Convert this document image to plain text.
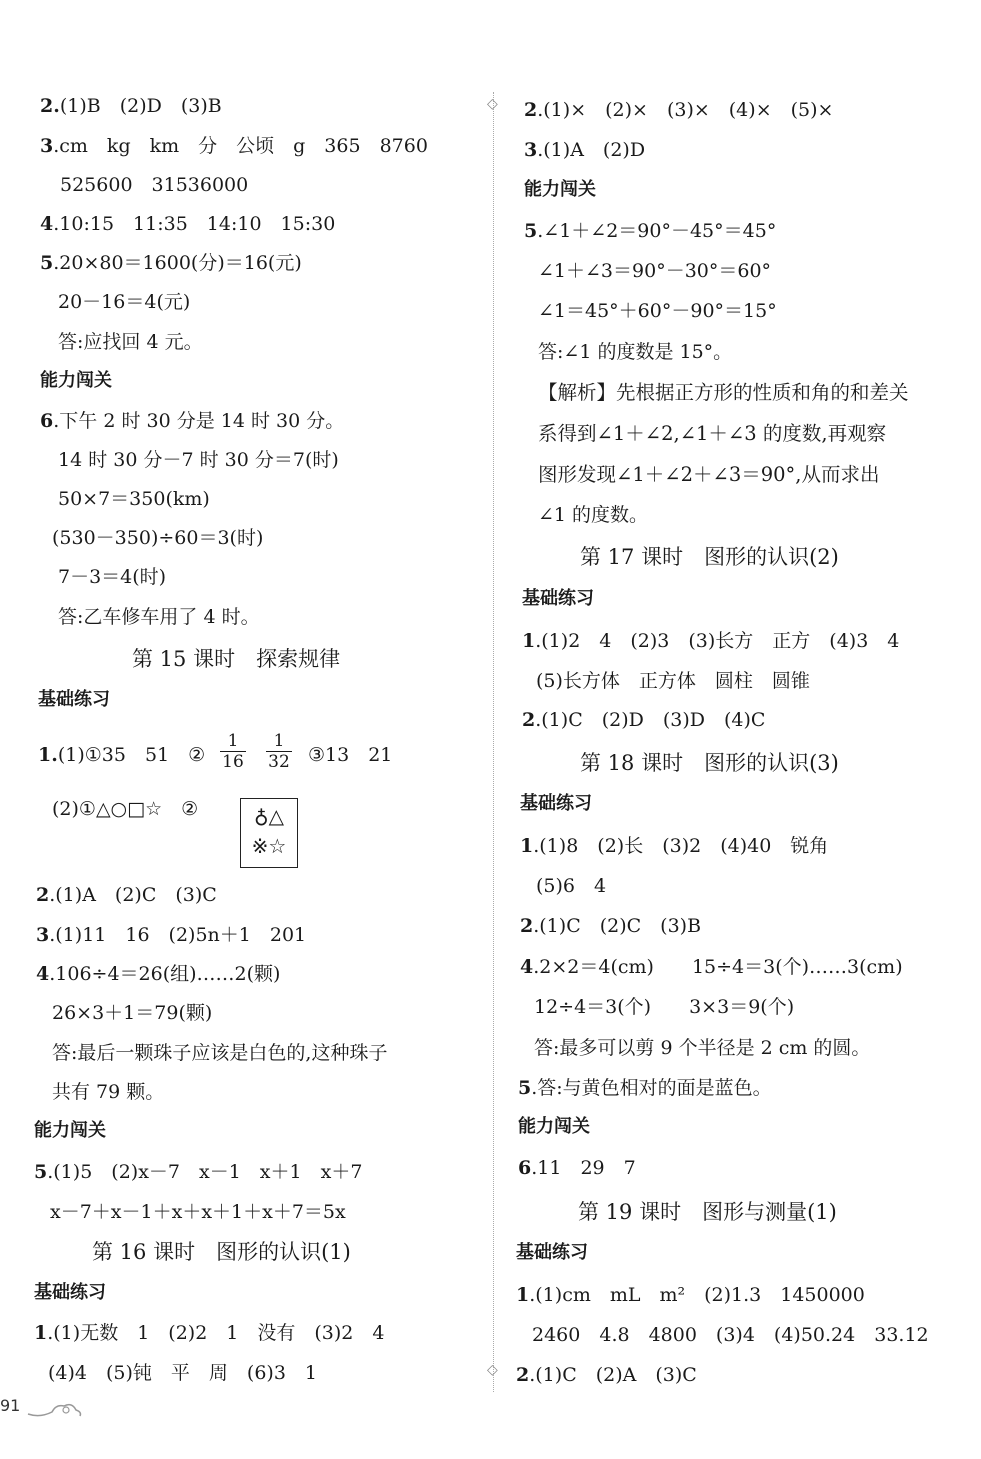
2.(1)B　(2)D　(3)B
3.cm　kg　km　分　公顷　g　365　8760
525600　31536000
4.10:15　11:35　14:10　15:30
5.20×80＝1600(分)＝16(元)
20－16＝4(元)
答:应找回 4 元。
能力闯关
6.下午 2 时 30 分是 14 时 30 分。
14 时 30 分－7 时 30 分＝7(时)
50×7＝350(km)
(530－350)÷60＝3(时)
7－3＝4(时)
答:乙车修车用了 4 时。
第 15 课时　探索规律
基础练习
1.(1)①35　51　②
1
16
1
32 ③13　21
(2)①△○□☆　②	♁△
※☆
2.(1)A　(2)C　(3)C
3.(1)11　16　(2)5n＋1　201
4.106÷4＝26(组)……2(颗)
26×3＋1＝79(颗)
答:最后一颗珠子应该是白色的,这种珠子
共有 79 颗。
能力闯关
5.(1)5　(2)x－7　x－1　x＋1　x＋7
x－7＋x－1＋x＋x＋1＋x＋7＝5x
第 16 课时　图形的认识(1)
基础练习
1.(1)无数　1　(2)2　1　没有　(3)2　4
(4)4　(5)钝　平　周　(6)3　1
◇
◇
2.(1)×　(2)×　(3)×　(4)×　(5)×
3.(1)A　(2)D
能力闯关
5.∠1＋∠2＝90°－45°＝45°
∠1＋∠3＝90°－30°＝60°
∠1＝45°＋60°－90°＝15°
答:∠1 的度数是 15°。
【解析】先根据正方形的性质和角的和差关
系得到∠1＋∠2,∠1＋∠3 的度数,再观察
图形发现∠1＋∠2＋∠3＝90°,从而求出
∠1 的度数。
第 17 课时　图形的认识(2)
基础练习
1.(1)2　4　(2)3　(3)长方　正方　(4)3　4
(5)长方体　正方体　圆柱　圆锥
2.(1)C　(2)D　(3)D　(4)C
第 18 课时　图形的认识(3)
基础练习
1.(1)8　(2)长　(3)2　(4)40　锐角
(5)6　4
2.(1)C　(2)C　(3)B
4.2×2＝4(cm)　　15÷4＝3(个)……3(cm)
12÷4＝3(个)　　3×3＝9(个)
答:最多可以剪 9 个半径是 2 cm 的圆。
5.答:与黄色相对的面是蓝色。
能力闯关
6.11　29　7
第 19 课时　图形与测量(1)
基础练习
1.(1)cm　mL　m²　(2)1.3　1450000
2460　4.8　4800　(3)4　(4)50.24　33.12
2.(1)C　(2)A　(3)C
91
